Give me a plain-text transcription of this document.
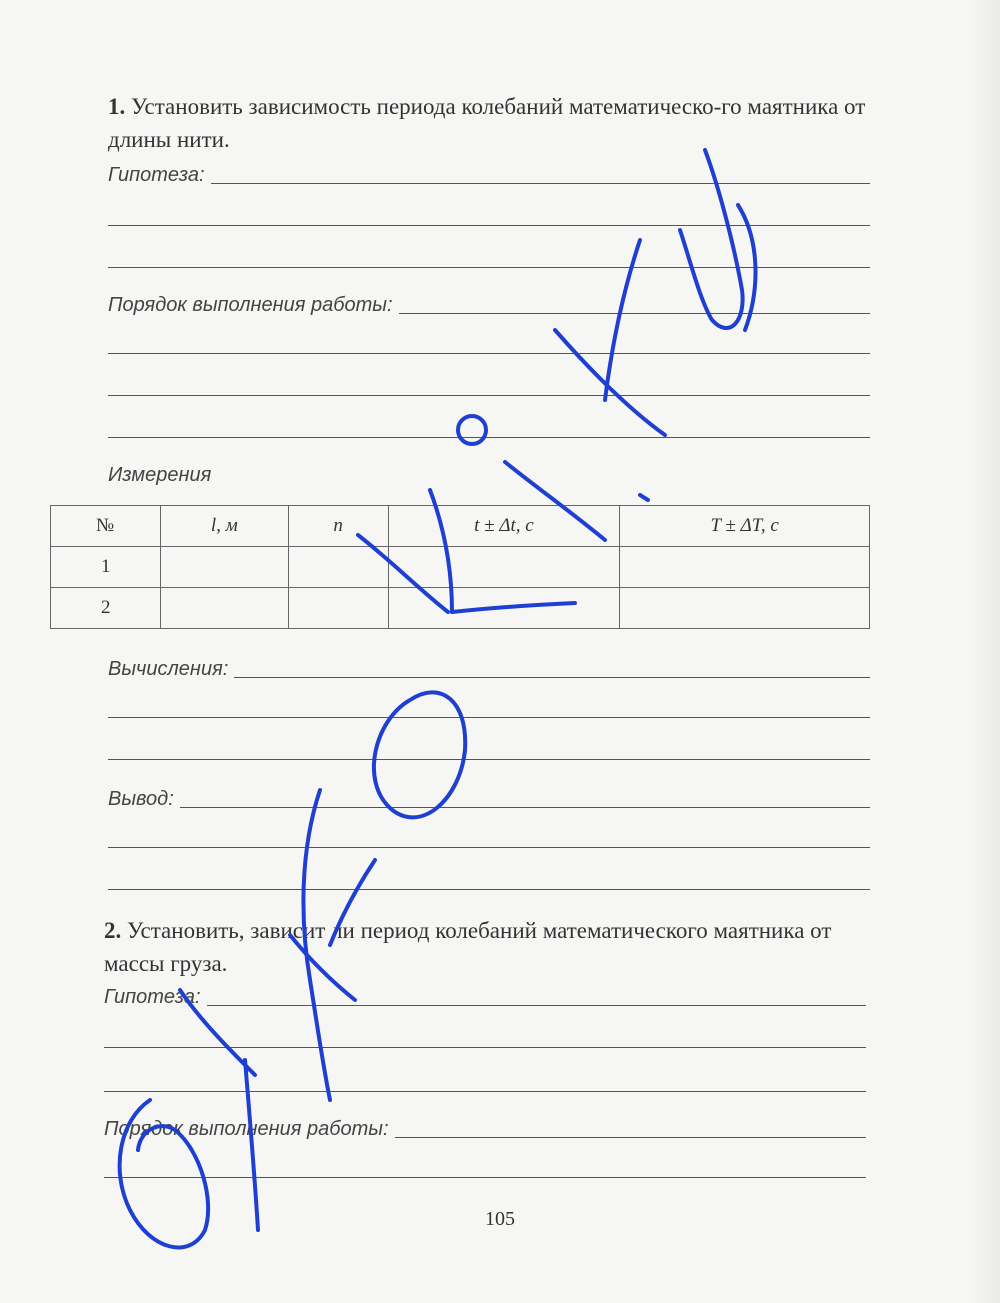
1. Установить зависимость периода колебаний математическо-го маятника от длины нити.
Гипотеза:
Порядок выполнения работы:
Измерения
№	l, м	n	t ± Δt, с	T ± ΔT, с
1				
2				
Вычисления:
Вывод:
2. Установить, зависит ли период колебаний математического маятника от массы груза.
Гипотеза:
Порядок выполнения работы:
105
